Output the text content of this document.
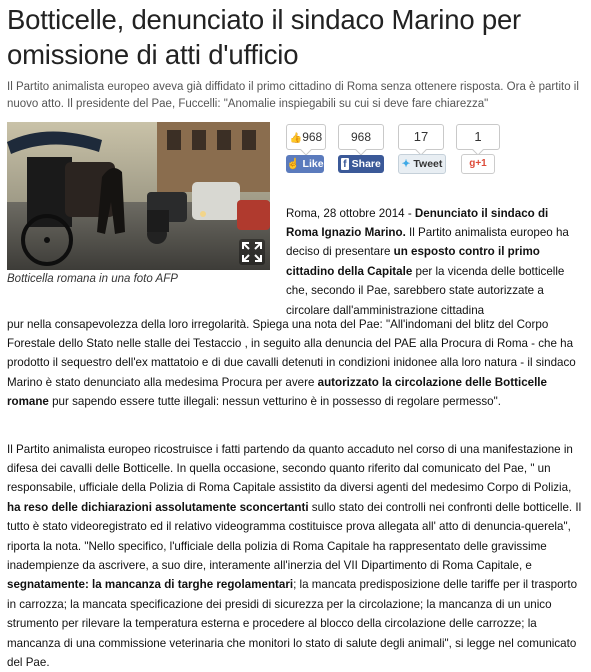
Botticelle, denunciato il sindaco Marino per omissione di atti d'ufficio

Il Partito animalista europeo aveva già diffidato il primo cittadino di Roma senza ottenere risposta. Ora è partito il nuovo atto. Il presidente del Pae, Fuccelli: "Anomalie inspiegabili su cui si deve fare chiarezza"

Botticella romana in una foto AFP
👍968
☝ Like
968
f Share
17
✦ Tweet
1
g+1

Roma, 28 ottobre 2014 - Denunciato il sindaco di Roma Ignazio Marino. Il Partito animalista europeo ha deciso di presentare un esposto contro il primo cittadino della Capitale per la vicenda delle botticelle che, secondo il Pae, sarebbero state autorizzate a circolare dall'amministrazione cittadina

pur nella consapevolezza della loro irregolarità. Spiega una nota del Pae: "All'indomani del blitz del Corpo Forestale dello Stato nelle stalle dei Testaccio , in seguito alla denuncia del PAE alla Procura di Roma - che ha prodotto il sequestro dell'ex mattatoio e di due cavalli detenuti in condizioni inidonee alla loro natura - il sindaco Marino è stato denunciato alla medesima Procura per avere autorizzato la circolazione delle Botticelle romane pur sapendo essere tutte illegali: nessun vetturino è in possesso di regolare permesso".

Il Partito animalista europeo ricostruisce i fatti partendo da quanto accaduto nel corso di una manifestazione in difesa dei cavalli delle Botticelle. In quella occasione, secondo quanto riferito dal comunicato del Pae, " un responsabile, ufficiale della Polizia di Roma Capitale assistito da diversi agenti del medesimo Corpo di Polizia, ha reso delle dichiarazioni assolutamente sconcertanti sullo stato dei controlli nei confronti delle botticelle. Il tutto è stato videoregistrato ed il relativo videogramma costituisce prova allegata all' atto di denuncia-querela", riporta la nota. "Nello specifico, l'ufficiale della polizia di Roma Capitale ha rappresentato delle gravissime inadempienze da ascrivere, a suo dire, interamente all'inerzia del VII Dipartimento di Roma Capitale, e segnatamente: la mancanza di targhe regolamentari; la mancata predisposizione delle tariffe per il trasporto in carrozza; la mancata specificazione dei presidi di sicurezza per la circolazione; la mancanza di un unico strumento per rilevare la temperatura esterna e procedere al blocco della circolazione delle carrozze; la mancanza di una commissione veterinaria che monitori lo stato di salute degli animali", si legge nel comunicato del Pae.
